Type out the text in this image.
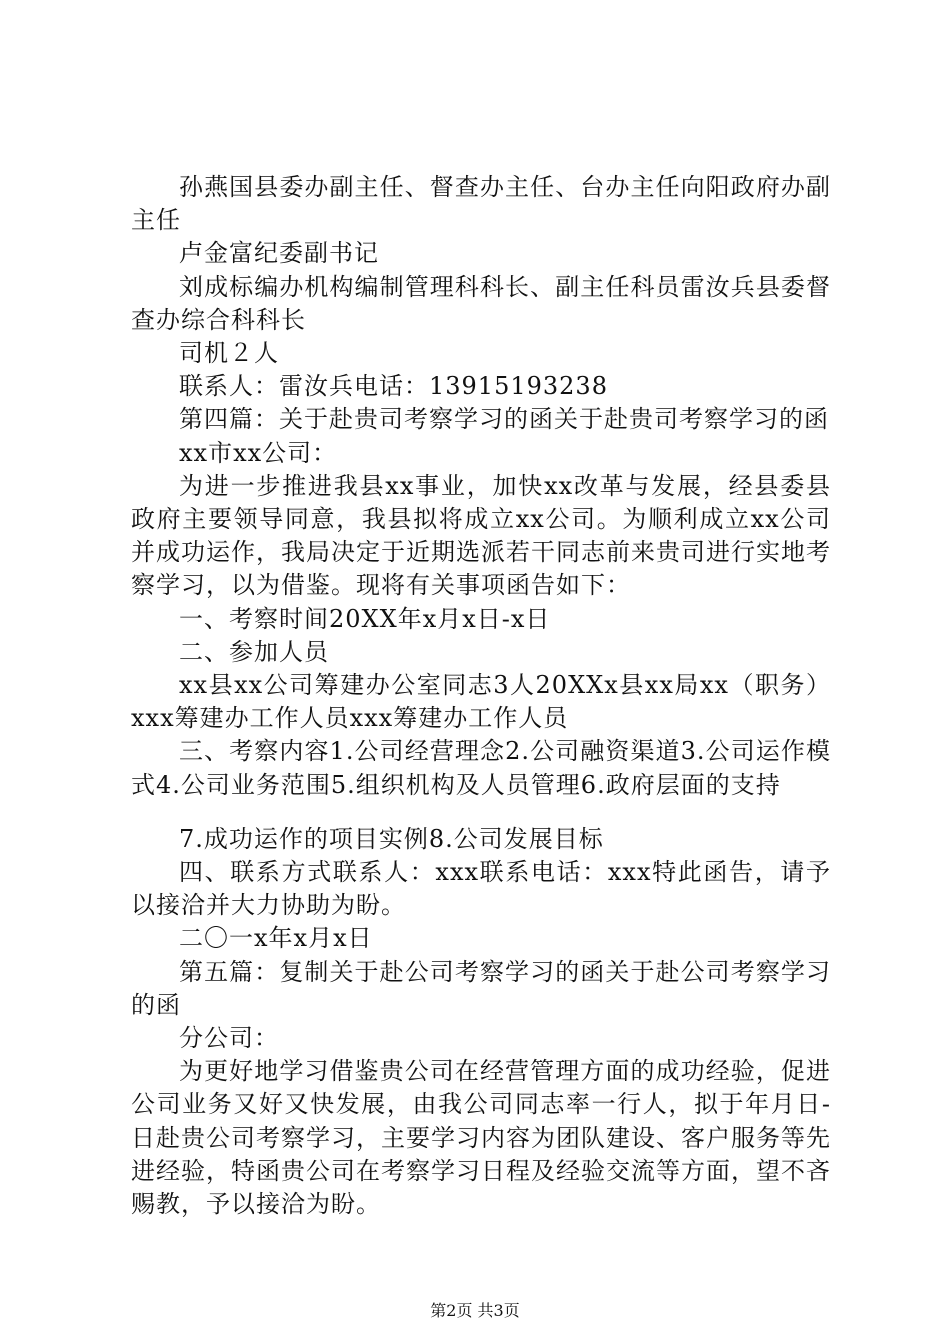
孙燕国县委办副主任、督查办主任、台办主任向阳政府办副主任

卢金富纪委副书记

刘成标编办机构编制管理科科长、副主任科员雷汝兵县委督查办综合科科长

司机２人

联系人：雷汝兵电话：13915193238

第四篇：关于赴贵司考察学习的函关于赴贵司考察学习的函

xx市xx公司：

为进一步推进我县xx事业，加快xx改革与发展，经县委县政府主要领导同意，我县拟将成立xx公司。为顺利成立xx公司并成功运作，我局决定于近期选派若干同志前来贵司进行实地考察学习，以为借鉴。现将有关事项函告如下：

一、考察时间20XX年x月x日-x日

二、参加人员

xx县xx公司筹建办公室同志3人20XXx县xx局xx（职务）xxx筹建办工作人员xxx筹建办工作人员

三、考察内容1.公司经营理念2.公司融资渠道3.公司运作模式4.公司业务范围5.组织机构及人员管理6.政府层面的支持

7.成功运作的项目实例8.公司发展目标

四、联系方式联系人：xxx联系电话：xxx特此函告，请予以接洽并大力协助为盼。

二〇一x年x月x日

第五篇：复制关于赴公司考察学习的函关于赴公司考察学习的函

分公司：

为更好地学习借鉴贵公司在经营管理方面的成功经验，促进公司业务又好又快发展，由我公司同志率一行人，拟于年月日-日赴贵公司考察学习，主要学习内容为团队建设、客户服务等先进经验，特函贵公司在考察学习日程及经验交流等方面，望不吝赐教，予以接洽为盼。

第2页 共3页
